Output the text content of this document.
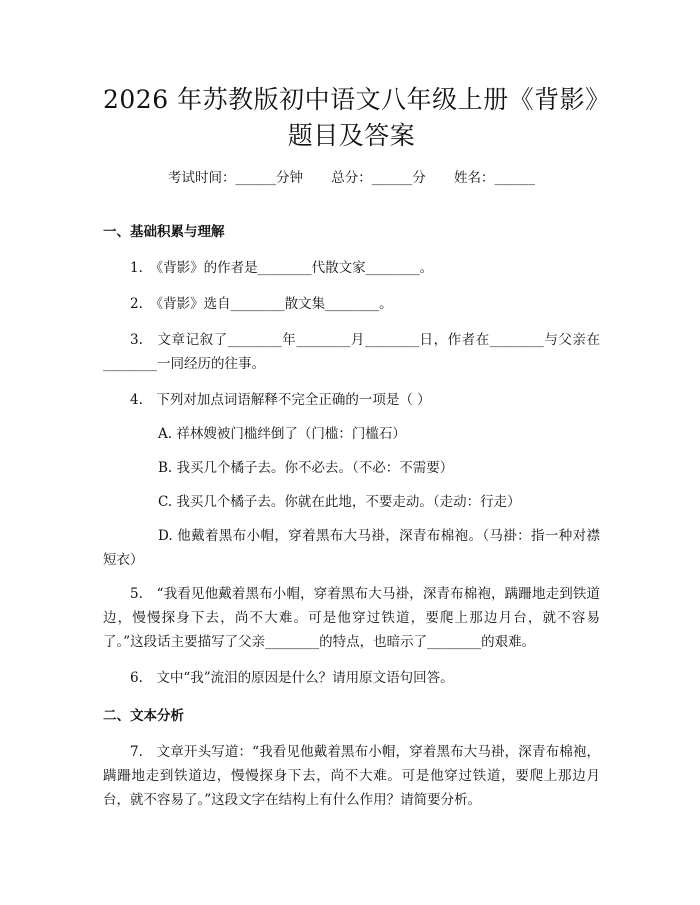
2026 年苏教版初中语文八年级上册《背影》
题目及答案
考试时间：______分钟 总分：______分 姓名：______
一、基础积累与理解
1.　《背影》的作者是________代散文家________。
2.　《背影》选自________散文集________。
3.　文章记叙了________年________月________日，作者在________与父亲在________一同经历的往事。
4.　下列对加点词语解释不完全正确的一项是（ ）
A. 祥林嫂被门槛绊倒了（门槛：门槛石）
B. 我买几个橘子去。你不必去。（不必：不需要）
C. 我买几个橘子去。你就在此地，不要走动。（走动：行走）
D. 他戴着黑布小帽，穿着黑布大马褂，深青布棉袍。（马褂：指一种对襟短衣）
5.　“我看见他戴着黑布小帽，穿着黑布大马褂，深青布棉袍，蹒跚地走到铁道边，慢慢探身下去，尚不大难。可是他穿过铁道，要爬上那边月台，就不容易了。”这段话主要描写了父亲________的特点，也暗示了________的艰难。
6.　文中“我”流泪的原因是什么？请用原文语句回答。
二、文本分析
7.　文章开头写道：“我看见他戴着黑布小帽，穿着黑布大马褂，深青布棉袍，蹒跚地走到铁道边，慢慢探身下去，尚不大难。可是他穿过铁道，要爬上那边月台，就不容易了。”这段文字在结构上有什么作用？请简要分析。
